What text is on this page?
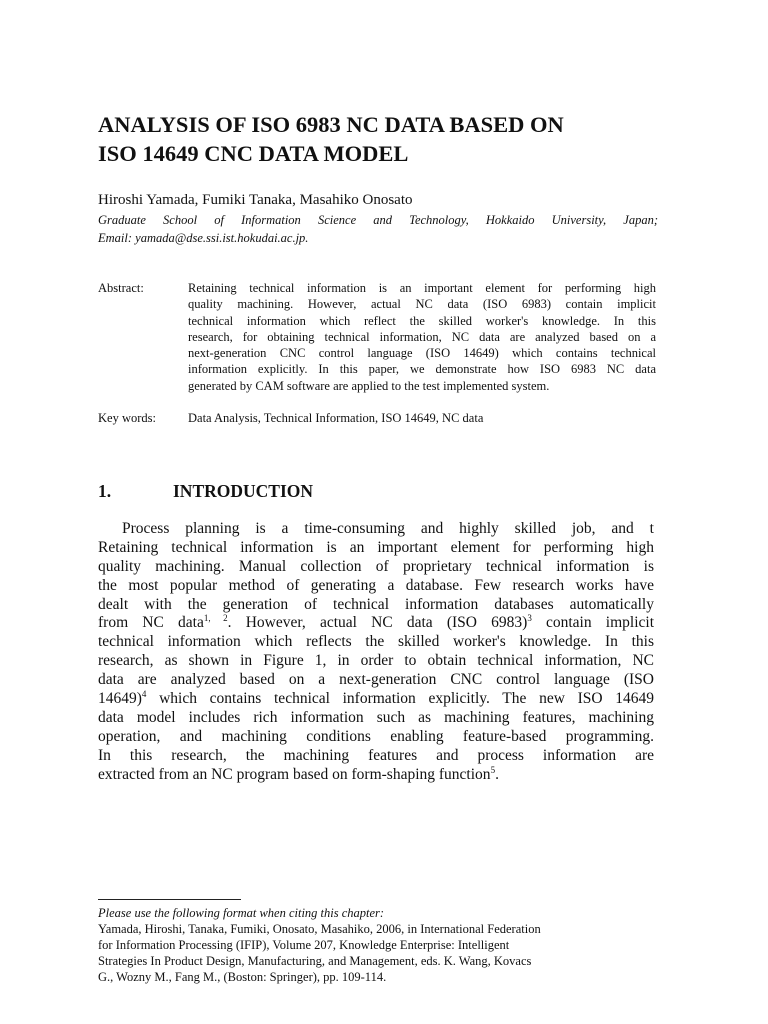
ANALYSIS OF ISO 6983 NC DATA BASED ON
ISO 14649 CNC DATA MODEL
Hiroshi Yamada, Fumiki Tanaka, Masahiko Onosato
Graduate School of Information Science and Technology, Hokkaido University, Japan;
Email: yamada@dse.ssi.ist.hokudai.ac.jp.
Abstract:	Retaining technical information is an important element for performing high
quality machining. However, actual NC data (ISO 6983) contain implicit
technical information which reflect the skilled worker's knowledge. In this
research, for obtaining technical information, NC data are analyzed based on a
next-generation CNC control language (ISO 14649) which contains technical
information explicitly. In this paper, we demonstrate how ISO 6983 NC data
generated by CAM software are applied to the test implemented system.
Key words:	Data Analysis, Technical Information, ISO 14649, NC data
1.	INTRODUCTION
Process planning is a time-consuming and highly skilled job, and t
Retaining technical information is an important element for performing high
quality machining. Manual collection of proprietary technical information is
the most popular method of generating a database. Few research works have
dealt with the generation of technical information databases automatically
from NC data$^{1, 2}$. However, actual NC data (ISO 6983)$^3$ contain implicit
technical information which reflects the skilled worker's knowledge. In this
research, as shown in Figure 1, in order to obtain technical information, NC
data are analyzed based on a next-generation CNC control language (ISO
14649)$^4$ which contains technical information explicitly. The new ISO 14649
data model includes rich information such as machining features, machining
operation, and machining conditions enabling feature-based programming.
In this research, the machining features and process information are
extracted from an NC program based on form-shaping function$^5$.
Please use the following format when citing this chapter:
Yamada, Hiroshi, Tanaka, Fumiki, Onosato, Masahiko, 2006, in International Federation
for Information Processing (IFIP), Volume 207, Knowledge Enterprise: Intelligent
Strategies In Product Design, Manufacturing, and Management, eds. K. Wang, Kovacs
G., Wozny M., Fang M., (Boston: Springer), pp. 109-114.
